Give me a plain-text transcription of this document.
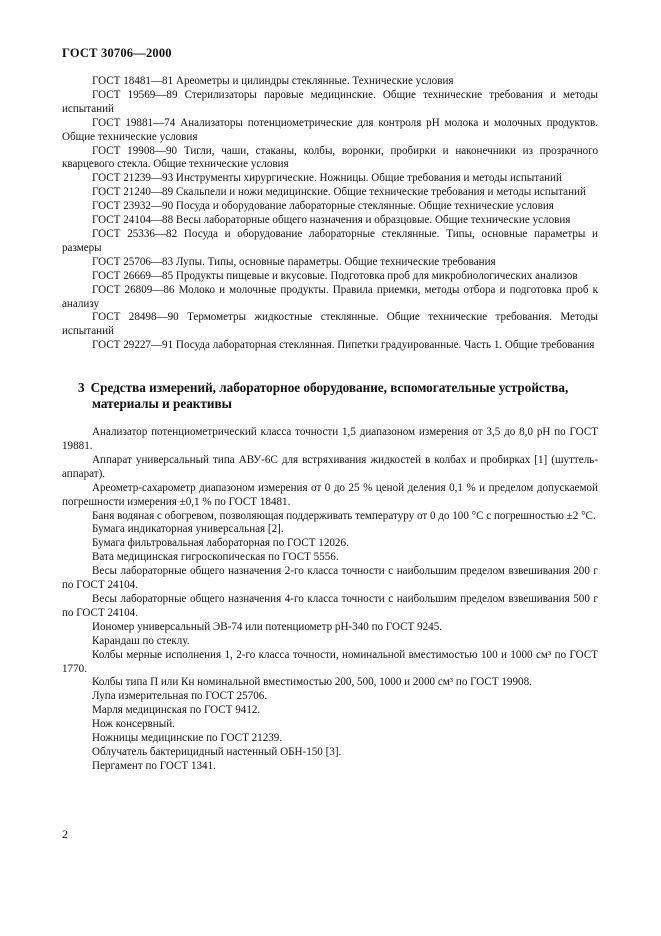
ГОСТ 30706—2000

ГОСТ 18481—81 Ареометры и цилиндры стеклянные. Технические условия

ГОСТ 19569—89 Стерилизаторы паровые медицинские. Общие технические требования и методы испытаний

ГОСТ 19881—74 Анализаторы потенциометрические для контроля pH молока и молочных продуктов. Общие технические условия

ГОСТ 19908—90 Тигли, чаши, стаканы, колбы, воронки, пробирки и наконечники из прозрачного кварцевого стекла. Общие технические условия

ГОСТ 21239—93 Инструменты хирургические. Ножницы. Общие требования и методы испытаний

ГОСТ 21240—89 Скальпели и ножи медицинские. Общие технические требования и методы испытаний

ГОСТ 23932—90 Посуда и оборудование лабораторные стеклянные. Общие технические условия

ГОСТ 24104—88 Весы лабораторные общего назначения и образцовые. Общие технические условия

ГОСТ 25336—82 Посуда и оборудование лабораторные стеклянные. Типы, основные параметры и размеры

ГОСТ 25706—83 Лупы. Типы, основные параметры. Общие технические требования

ГОСТ 26669—85 Продукты пищевые и вкусовые. Подготовка проб для микробиологических анализов

ГОСТ 26809—86 Молоко и молочные продукты. Правила приемки, методы отбора и подготовка проб к анализу

ГОСТ 28498—90 Термометры жидкостные стеклянные. Общие технические требования. Методы испытаний

ГОСТ 29227—91 Посуда лабораторная стеклянная. Пипетки градуированные. Часть 1. Общие требования

3 Средства измерений, лабораторное оборудование, вспомогательные устройства, материалы и реактивы

Анализатор потенциометрический класса точности 1,5 диапазоном измерения от 3,5 до 8,0 pH по ГОСТ 19881.

Аппарат универсальный типа АВУ-6С для встряхивания жидкостей в колбах и пробирках [1] (шуттель-аппарат).

Ареометр-сахарометр диапазоном измерения от 0 до 25 % ценой деления 0,1 % и пределом допускаемой погрешности измерения ±0,1 % по ГОСТ 18481.

Баня водяная с обогревом, позволяющая поддерживать температуру от 0 до 100 °С с погрешностью ±2 °С.

Бумага индикаторная универсальная [2].

Бумага фильтровальная лабораторная по ГОСТ 12026.

Вата медицинская гигроскопическая по ГОСТ 5556.

Весы лабораторные общего назначения 2-го класса точности с наибольшим пределом взвешивания 200 г по ГОСТ 24104.

Весы лабораторные общего назначения 4-го класса точности с наибольшим пределом взвешивания 500 г по ГОСТ 24104.

Иономер универсальный ЭВ-74 или потенциометр pH-340 по ГОСТ 9245.

Карандаш по стеклу.

Колбы мерные исполнения 1, 2-го класса точности, номинальной вместимостью 100 и 1000 см³ по ГОСТ 1770.

Колбы типа П или Кн номинальной вместимостью 200, 500, 1000 и 2000 см³ по ГОСТ 19908.

Лупа измерительная по ГОСТ 25706.

Марля медицинская по ГОСТ 9412.

Нож консервный.

Ножницы медицинские по ГОСТ 21239.

Облучатель бактерицидный настенный ОБН-150 [3].

Пергамент по ГОСТ 1341.

2
